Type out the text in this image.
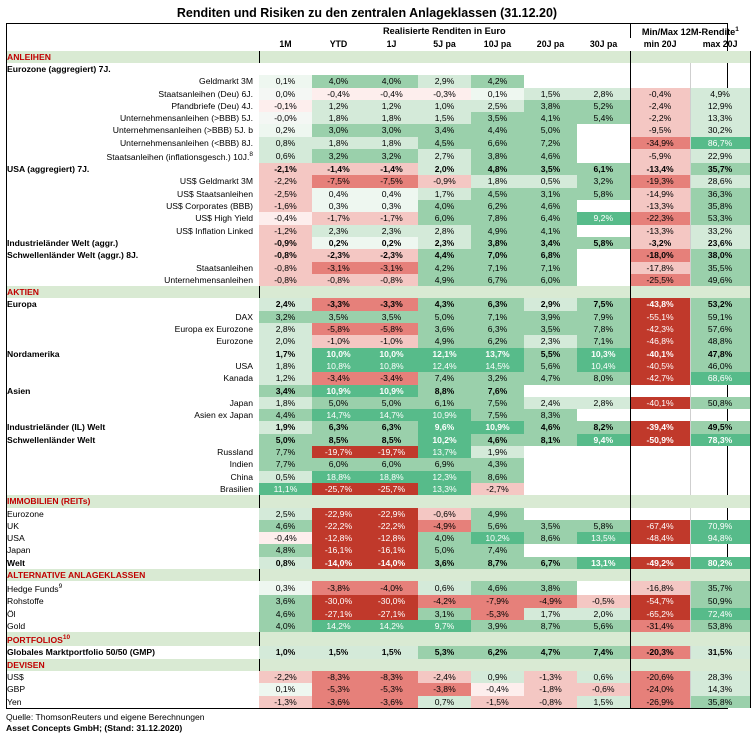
Renditen und Risiken zu den zentralen Anlageklassen (31.12.20)
	Realisierte Renditen in Euro							Min/Max 12M-Rendite$^1$
	1M	YTD	1J	5J pa	10J pa	20J pa	30J pa	min 20J	max 20J
ANLEIHEN									
Eurozone (aggregiert) 7J.									
Geldmarkt 3M	0,1%	4,0%	4,0%	2,9%	4,2%				
Staatsanleihen (Deu) 6J.	0,0%	-0,4%	-0,4%	-0,3%	0,1%	1,5%	2,8%	-0,4%	4,9%
Pfandbriefe (Deu) 4J.	-0,1%	1,2%	1,2%	1,0%	2,5%	3,8%	5,2%	-2,4%	12,9%
Unternehmensanleihen (>BBB) 5J.	-0,0%	1,8%	1,8%	1,5%	3,5%	4,1%	5,4%	-2,2%	13,3%
Unternehmensanleihen (>BBB) 5J. b	0,2%	3,0%	3,0%	3,4%	4,4%	5,0%		-9,5%	30,2%
Unternehmensanleihen (<BBB) 8J.	0,8%	1,8%	1,8%	4,5%	6,6%	7,2%		-34,9%	86,7%
Staatsanleihen (inflationsgesch.) 10J.$^8$	0,6%	3,2%	3,2%	2,7%	3,8%	4,6%		-5,9%	22,9%
USA (aggregiert) 7J.	-2,1%	-1,4%	-1,4%	2,0%	4,8%	3,5%	6,1%	-13,4%	35,7%
US$ Geldmarkt 3M	-2,2%	-7,5%	-7,5%	-0,9%	1,8%	0,5%	3,2%	-19,3%	28,6%
US$ Staatsanleihen	-2,5%	0,4%	0,4%	1,7%	4,5%	3,1%	5,8%	-14,9%	36,3%
US$ Corporates (BBB)	-1,6%	0,3%	0,3%	4,0%	6,2%	4,6%		-13,3%	35,8%
US$ High Yield	-0,4%	-1,7%	-1,7%	6,0%	7,8%	6,4%	9,2%	-22,3%	53,3%
US$ Inflation Linked	-1,2%	2,3%	2,3%	2,8%	4,9%	4,1%		-13,3%	33,2%
Industrieländer Welt (aggr.)	-0,9%	0,2%	0,2%	2,3%	3,8%	3,4%	5,8%	-3,2%	23,6%
Schwellenländer Welt (aggr.) 8J.	-0,8%	-2,3%	-2,3%	4,4%	7,0%	6,8%		-18,0%	38,0%
Staatsanleihen	-0,8%	-3,1%	-3,1%	4,2%	7,1%	7,1%		-17,8%	35,5%
Unternehmensanleihen	-0,8%	-0,8%	-0,8%	4,9%	6,7%	6,0%		-25,5%	49,6%
AKTIEN									
Europa	2,4%	-3,3%	-3,3%	4,3%	6,3%	2,9%	7,5%	-43,8%	53,2%
DAX	3,2%	3,5%	3,5%	5,0%	7,1%	3,9%	7,9%	-55,1%	59,1%
Europa ex Eurozone	2,8%	-5,8%	-5,8%	3,6%	6,3%	3,5%	7,8%	-42,3%	57,6%
Eurozone	2,0%	-1,0%	-1,0%	4,9%	6,2%	2,3%	7,1%	-46,8%	48,8%
Nordamerika	1,7%	10,0%	10,0%	12,1%	13,7%	5,5%	10,3%	-40,1%	47,8%
USA	1,8%	10,8%	10,8%	12,4%	14,5%	5,6%	10,4%	-40,5%	46,0%
Kanada	1,2%	-3,4%	-3,4%	7,4%	3,2%	4,7%	8,0%	-42,7%	68,6%
Asien	3,4%	10,9%	10,9%	8,8%	7,6%				
Japan	1,8%	5,0%	5,0%	6,1%	7,5%	2,4%	2,8%	-40,1%	50,8%
Asien ex Japan	4,4%	14,7%	14,7%	10,9%	7,5%	8,3%			
Industrieländer (IL) Welt	1,9%	6,3%	6,3%	9,6%	10,9%	4,6%	8,2%	-39,4%	49,5%
Schwellenländer Welt	5,0%	8,5%	8,5%	10,2%	4,6%	8,1%	9,4%	-50,9%	78,3%
Russland	7,7%	-19,7%	-19,7%	13,7%	1,9%				
Indien	7,7%	6,0%	6,0%	6,9%	4,3%				
China	0,5%	18,8%	18,8%	12,3%	8,6%				
Brasilien	11,1%	-25,7%	-25,7%	13,3%	-2,7%				
IMMOBILIEN (REITs)									
Eurozone	2,5%	-22,9%	-22,9%	-0,6%	4,9%				
UK	4,6%	-22,2%	-22,2%	-4,9%	5,6%	3,5%	5,8%	-67,4%	70,9%
USA	-0,4%	-12,8%	-12,8%	4,0%	10,2%	8,6%	13,5%	-48,4%	94,8%
Japan	4,8%	-16,1%	-16,1%	5,0%	7,4%				
Welt	0,8%	-14,0%	-14,0%	3,6%	8,7%	6,7%	13,1%	-49,2%	80,2%
ALTERNATIVE ANLAGEKLASSEN									
Hedge Funds$^9$	0,3%	-3,8%	-4,0%	0,6%	4,6%	3,8%		-16,8%	35,7%
Rohstoffe	3,6%	-30,0%	-30,0%	-4,2%	-7,9%	-4,9%	-0,5%	-54,7%	50,9%
Öl	4,6%	-27,1%	-27,1%	3,1%	-5,3%	1,7%	2,0%	-65,2%	72,4%
Gold	4,0%	14,2%	14,2%	9,7%	3,9%	8,7%	5,6%	-31,4%	53,8%
PORTFOLIOS$^{10}$									
Globales Marktportfolio 50/50 (GMP)	1,0%	1,5%	1,5%	5,3%	6,2%	4,7%	7,4%	-20,3%	31,5%
DEVISEN									
US$	-2,2%	-8,3%	-8,3%	-2,4%	0,9%	-1,3%	0,6%	-20,6%	28,3%
GBP	0,1%	-5,3%	-5,3%	-3,8%	-0,4%	-1,8%	-0,6%	-24,0%	14,3%
Yen	-1,3%	-3,6%	-3,6%	0,7%	-1,5%	-0,8%	1,5%	-26,9%	35,8%
Quelle: ThomsonReuters und eigene Berechnungen
Asset Concepts GmbH; (Stand: 31.12.2020)
